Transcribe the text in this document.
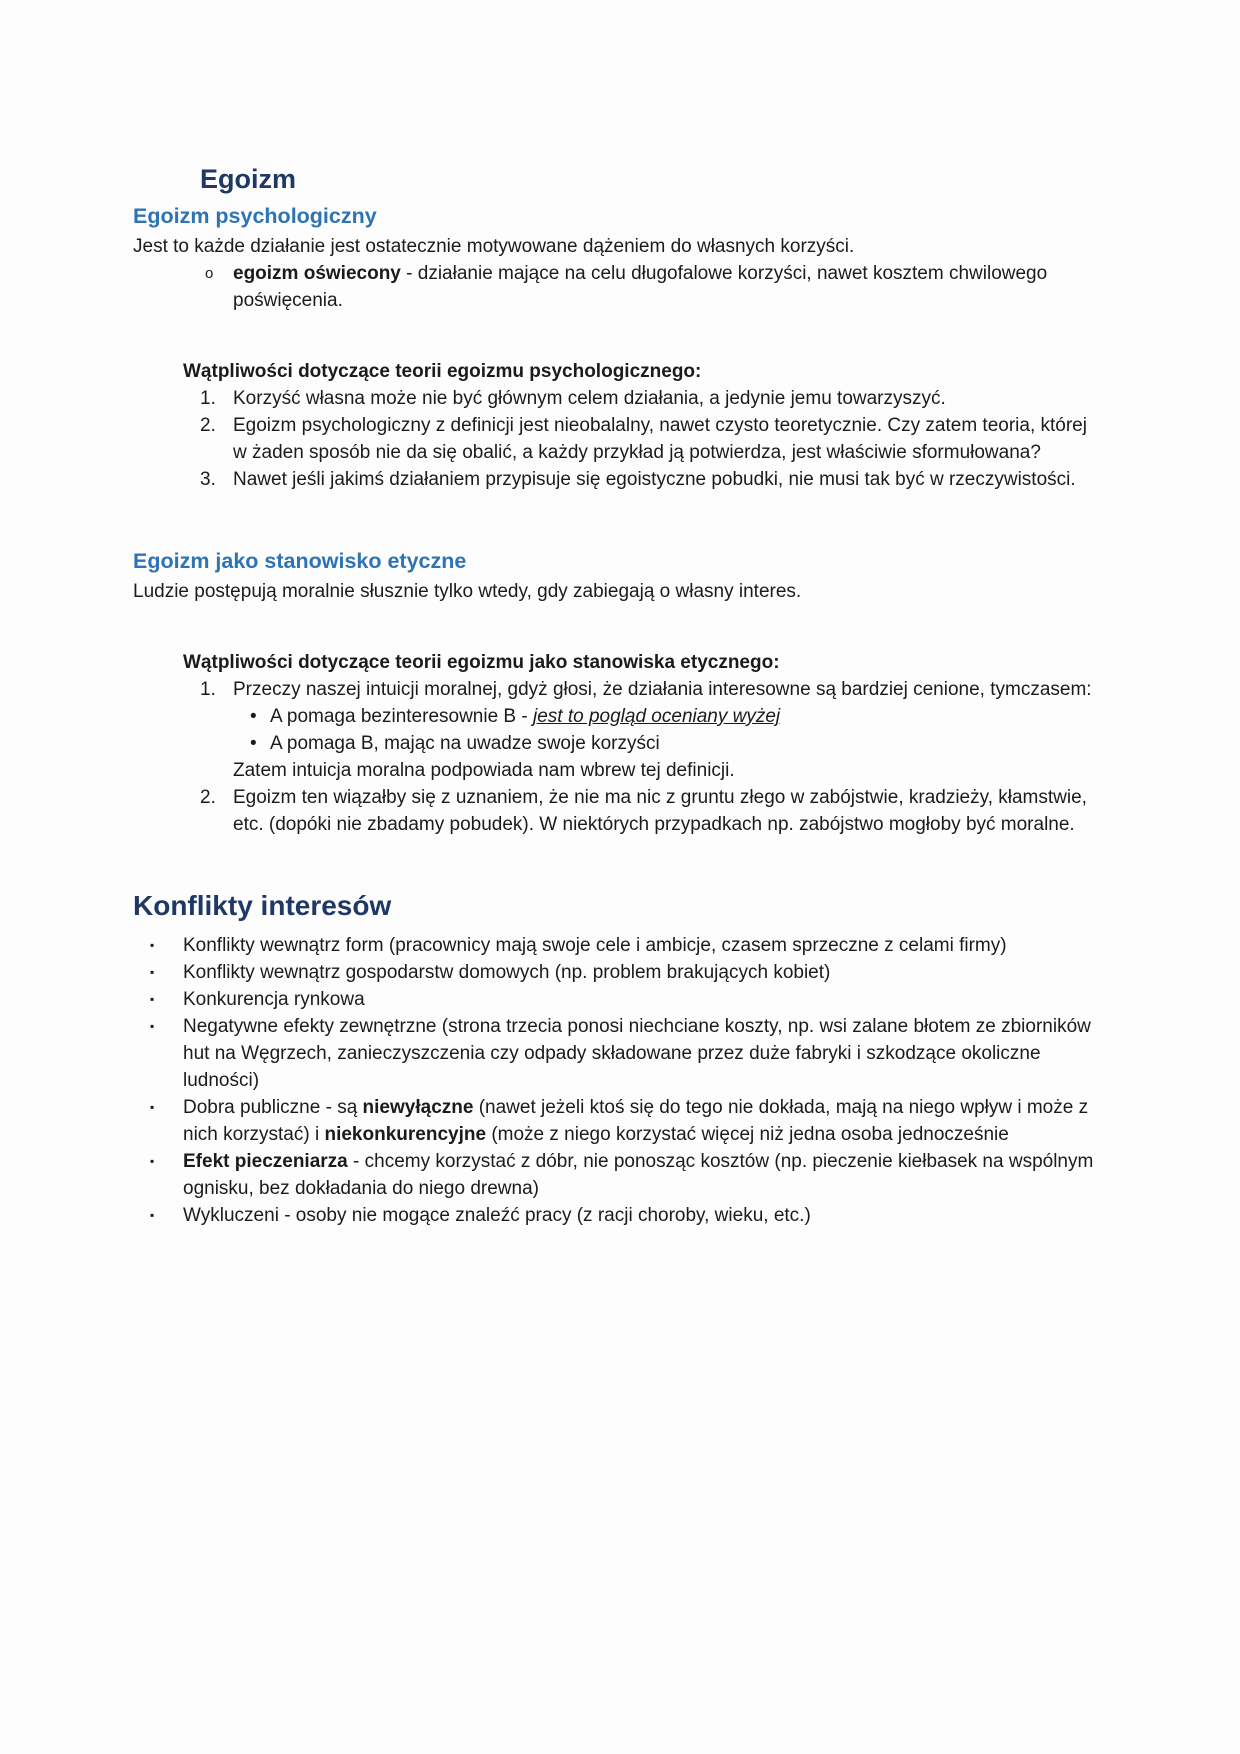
Egoizm
Egoizm psychologiczny

Jest to każde działanie jest ostatecznie motywowane dążeniem do własnych korzyści.

o	egoizm oświecony - działanie mające na celu długofalowe korzyści, nawet kosztem chwilowego poświęcenia.

Wątpliwości dotyczące teorii egoizmu psychologicznego:

1. Korzyść własna może nie być głównym celem działania, a jedynie jemu towarzyszyć.
2. Egoizm psychologiczny z definicji jest nieobalalny, nawet czysto teoretycznie. Czy zatem teoria, której w żaden sposób nie da się obalić, a każdy przykład ją potwierdza, jest właściwie sformułowana?
3. Nawet jeśli jakimś działaniem przypisuje się egoistyczne pobudki, nie musi tak być w rzeczywistości.
Egoizm jako stanowisko etyczne

Ludzie postępują moralnie słusznie tylko wtedy, gdy zabiegają o własny interes.

Wątpliwości dotyczące teorii egoizmu jako stanowiska etycznego:

1. Przeczy naszej intuicji moralnej, gdyż głosi, że działania interesowne są bardziej cenione, tymczasem:
• A pomaga bezinteresownie B - jest to pogląd oceniany wyżej
• A pomaga B, mając na uwadze swoje korzyści
Zatem intuicja moralna podpowiada nam wbrew tej definicji.
2. Egoizm ten wiązałby się z uznaniem, że nie ma nic z gruntu złego w zabójstwie, kradzieży, kłamstwie, etc. (dopóki nie zbadamy pobudek). W niektórych przypadkach np. zabójstwo mogłoby być moralne.
Konflikty interesów
▪	Konflikty wewnątrz form (pracownicy mają swoje cele i ambicje, czasem sprzeczne z celami firmy)
▪	Konflikty wewnątrz gospodarstw domowych (np. problem brakujących kobiet)
▪	Konkurencja rynkowa
▪	Negatywne efekty zewnętrzne (strona trzecia ponosi niechciane koszty, np. wsi zalane błotem ze zbiorników hut na Węgrzech, zanieczyszczenia czy odpady składowane przez duże fabryki i szkodzące okoliczne ludności)
▪	Dobra publiczne - są niewyłączne (nawet jeżeli ktoś się do tego nie dokłada, mają na niego wpływ i może z nich korzystać) i niekonkurencyjne (może z niego korzystać więcej niż jedna osoba jednocześnie
▪	Efekt pieczeniarza - chcemy korzystać z dóbr, nie ponosząc kosztów (np. pieczenie kiełbasek na wspólnym ognisku, bez dokładania do niego drewna)
▪	Wykluczeni - osoby nie mogące znaleźć pracy (z racji choroby, wieku, etc.)
